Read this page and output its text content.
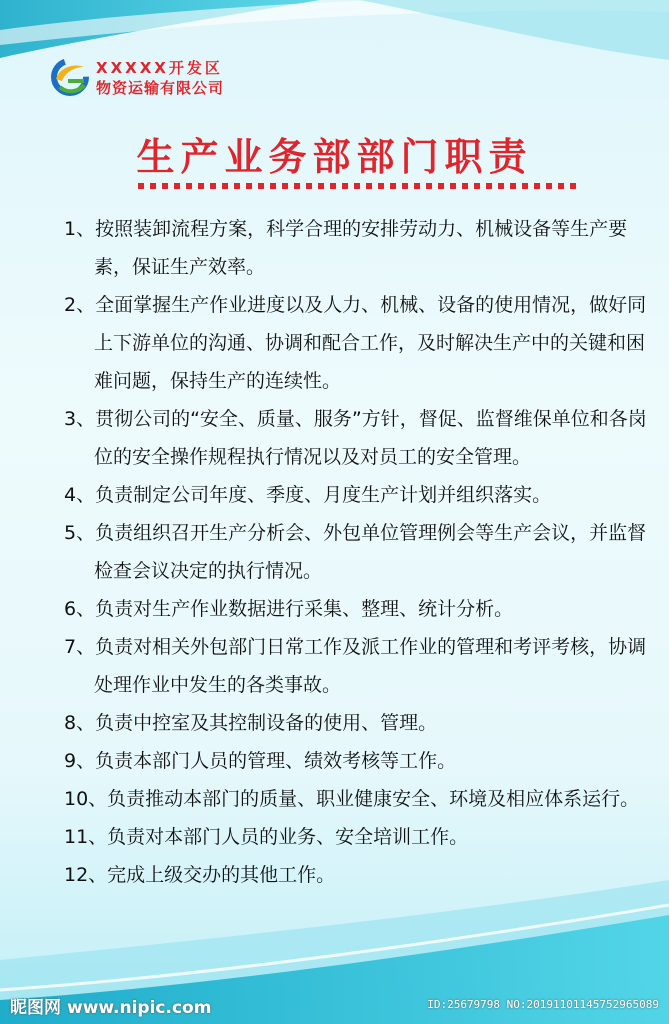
XXXXX开发区
物资运输有限公司
生产业务部部门职责
1、按照装卸流程方案，科学合理的安排劳动力、机械设备等生产要素，保证生产效率。
2、全面掌握生产作业进度以及人力、机械、设备的使用情况，做好同上下游单位的沟通、协调和配合工作，及时解决生产中的关键和困难问题，保持生产的连续性。
3、贯彻公司的“安全、质量、服务”方针，督促、监督维保单位和各岗位的安全操作规程执行情况以及对员工的安全管理。
4、负责制定公司年度、季度、月度生产计划并组织落实。
5、负责组织召开生产分析会、外包单位管理例会等生产会议，并监督检查会议决定的执行情况。
6、负责对生产作业数据进行采集、整理、统计分析。
7、负责对相关外包部门日常工作及派工作业的管理和考评考核，协调处理作业中发生的各类事故。
8、负责中控室及其控制设备的使用、管理。
9、负责本部门人员的管理、绩效考核等工作。
10、负责推动本部门的质量、职业健康安全、环境及相应体系运行。
11、负责对本部门人员的业务、安全培训工作。
12、完成上级交办的其他工作。
昵图网 www.nipic.com	ID:25679798 NO:20191101145752965089
